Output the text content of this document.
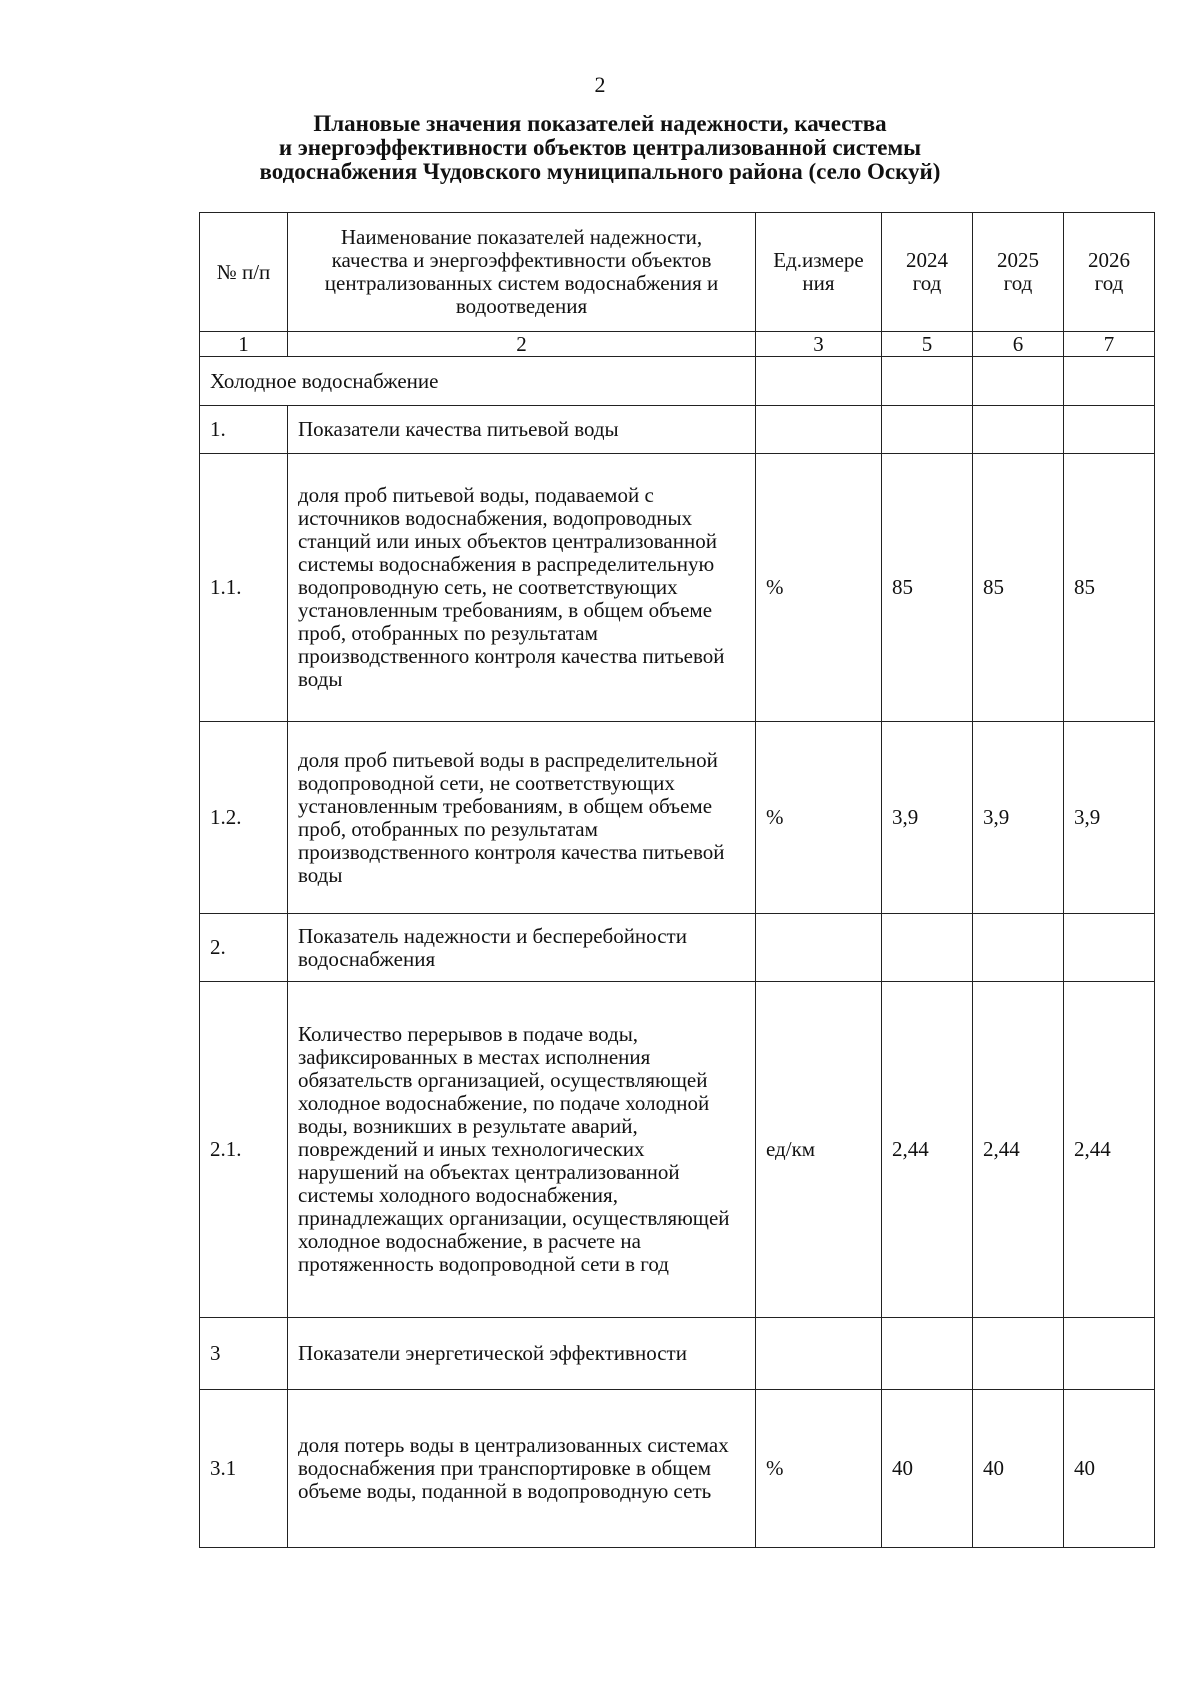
2
Плановые значения показателей надежности, качества
и энергоэффективности объектов централизованной системы
водоснабжения Чудовского муниципального района (село Оскуй)
№ п/п	Наименование показателей надежности, качества и энергоэффективности объектов централизованных систем водоснабжения и водоотведения	Ед.измере ния	2024 год	2025 год	2026 год
1	2	3	5	6	7
Холодное водоснабжение					
1.	Показатели качества питьевой воды				
1.1.	доля проб питьевой воды, подаваемой с источников водоснабжения, водопроводных станций или иных объектов централизованной системы водоснабжения в распределительную водопроводную сеть, не соответствующих установленным требованиям, в общем объеме проб, отобранных по результатам производственного контроля качества питьевой воды	%	85	85	85
1.2.	доля проб питьевой воды в распределительной водопроводной сети, не соответствующих установленным требованиям, в общем объеме проб, отобранных по результатам производственного контроля качества питьевой воды	%	3,9	3,9	3,9
2.	Показатель надежности и бесперебойности водоснабжения				
2.1.	Количество перерывов в подаче воды, зафиксированных в местах исполнения обязательств организацией, осуществляющей холодное водоснабжение, по подаче холодной воды, возникших в результате аварий, повреждений и иных технологических нарушений на объектах централизованной системы холодного водоснабжения, принадлежащих организации, осуществляющей холодное водоснабжение, в расчете на протяженность водопроводной сети в год	ед/км	2,44	2,44	2,44
3	Показатели энергетической эффективности				
3.1	доля потерь воды в централизованных системах водоснабжения при транспортировке в общем объеме воды, поданной в водопроводную сеть	%	40	40	40
